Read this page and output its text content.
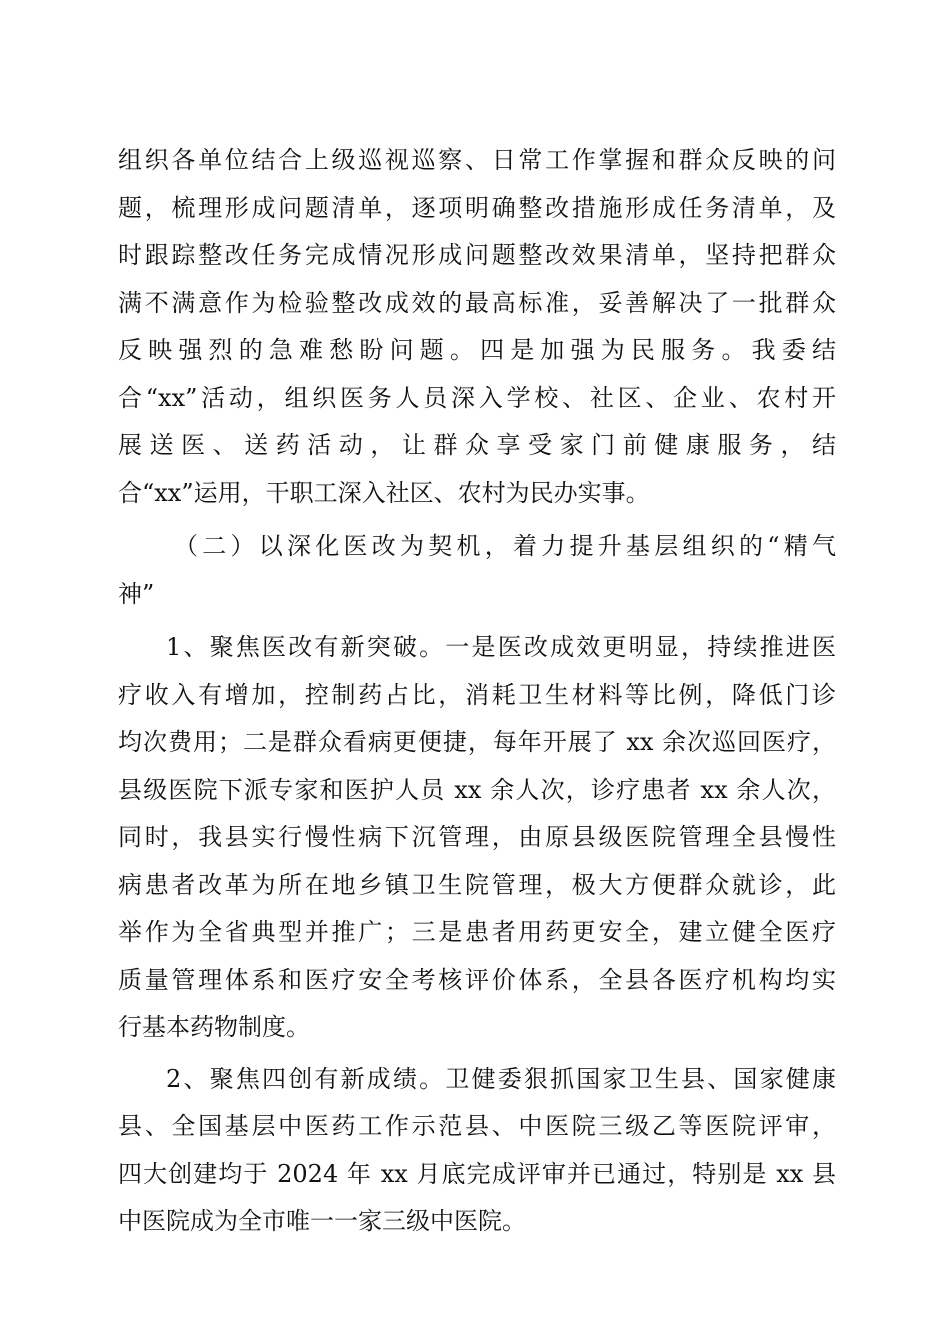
组织各单位结合上级巡视巡察、日常工作掌握和群众反映的问
题，梳理形成问题清单，逐项明确整改措施形成任务清单，及
时跟踪整改任务完成情况形成问题整改效果清单，坚持把群众
满不满意作为检验整改成效的最高标准，妥善解决了一批群众
反映强烈的急难愁盼问题。四是加强为民服务。我委结
合“xx”活动，组织医务人员深入学校、社区、企业、农村开
展送医、送药活动，让群众享受家门前健康服务，结
合“xx”运用，干职工深入社区、农村为民办实事。
（二）以深化医改为契机，着力提升基层组织的“精气
神”
1、聚焦医改有新突破。一是医改成效更明显，持续推进医
疗收入有增加，控制药占比，消耗卫生材料等比例，降低门诊
均次费用；二是群众看病更便捷，每年开展了 xx 余次巡回医疗，
县级医院下派专家和医护人员 xx 余人次，诊疗患者 xx 余人次，
同时，我县实行慢性病下沉管理，由原县级医院管理全县慢性
病患者改革为所在地乡镇卫生院管理，极大方便群众就诊，此
举作为全省典型并推广；三是患者用药更安全，建立健全医疗
质量管理体系和医疗安全考核评价体系，全县各医疗机构均实
行基本药物制度。
2、聚焦四创有新成绩。卫健委狠抓国家卫生县、国家健康
县、全国基层中医药工作示范县、中医院三级乙等医院评审，
四大创建均于 2024 年 xx 月底完成评审并已通过，特别是 xx 县
中医院成为全市唯一一家三级中医院。
